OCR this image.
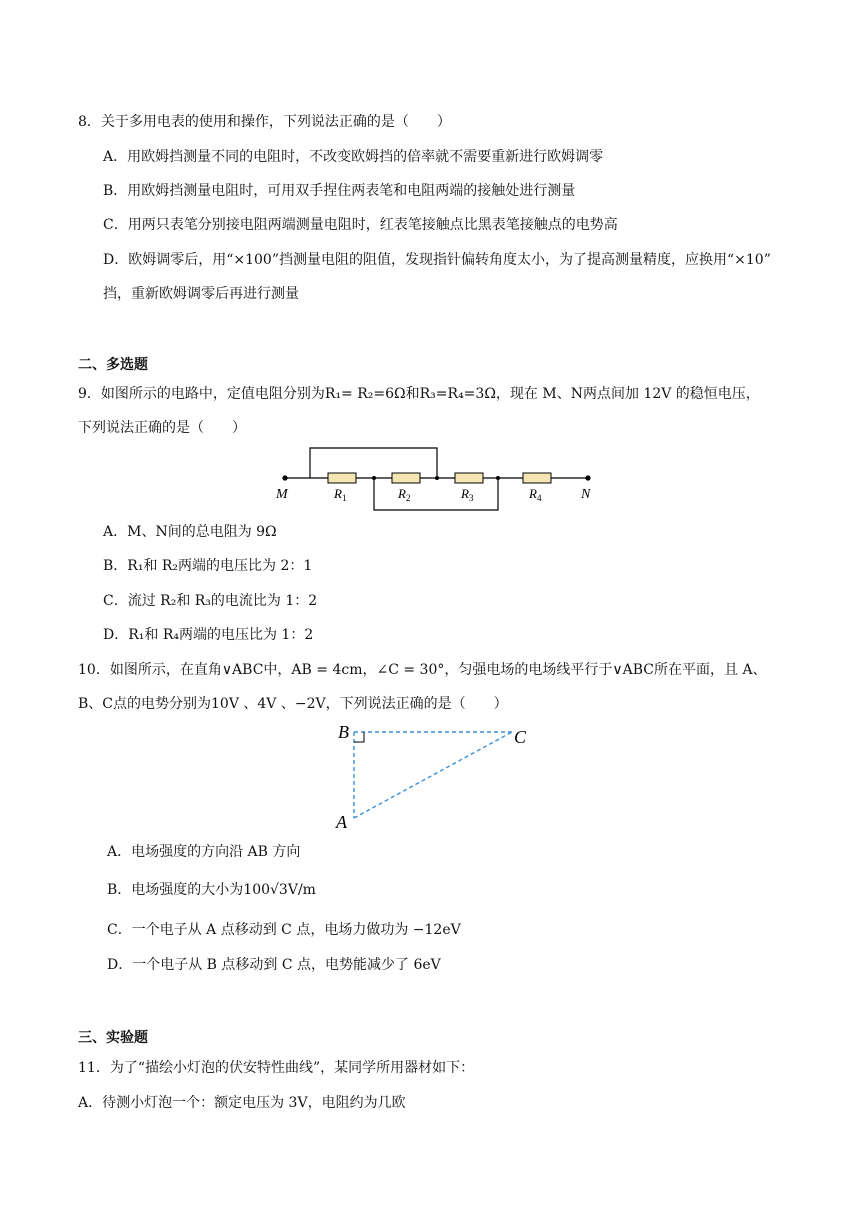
8．关于多用电表的使用和操作，下列说法正确的是（　　）
A．用欧姆挡测量不同的电阻时，不改变欧姆挡的倍率就不需要重新进行欧姆调零
B．用欧姆挡测量电阻时，可用双手捏住两表笔和电阻两端的接触处进行测量
C．用两只表笔分别接电阻两端测量电阻时，红表笔接触点比黑表笔接触点的电势高
D．欧姆调零后，用“×100”挡测量电阻的阻值，发现指针偏转角度太小，为了提高测量精度，应换用“×10”
挡，重新欧姆调零后再进行测量
二、多选题
9．如图所示的电路中，定值电阻分别为R₁= R₂=6Ω和R₃=R₄=3Ω，现在 M、N两点间加 12V 的稳恒电压，
下列说法正确的是（　　）
M	N
$R_1$	$R_2$	$R_3$	$R_4$
A．M、N间的总电阻为 9Ω
B．R₁和 R₂两端的电压比为 2：1
C．流过 R₂和 R₃的电流比为 1：2
D．R₁和 R₄两端的电压比为 1：2
10．如图所示，在直角∨ABC中，AB = 4cm，∠C = 30°，匀强电场的电场线平行于∨ABC所在平面，且 A、
B、C点的电势分别为10V 、4V 、−2V，下列说法正确的是（　　）
B	C
A
A．电场强度的方向沿 AB 方向
B．电场强度的大小为100√3V/m
C．一个电子从 A 点移动到 C 点，电场力做功为 −12eV
D．一个电子从 B 点移动到 C 点，电势能减少了 6eV
三、实验题
11．为了“描绘小灯泡的伏安特性曲线”，某同学所用器材如下：
A．待测小灯泡一个：额定电压为 3V，电阻约为几欧
